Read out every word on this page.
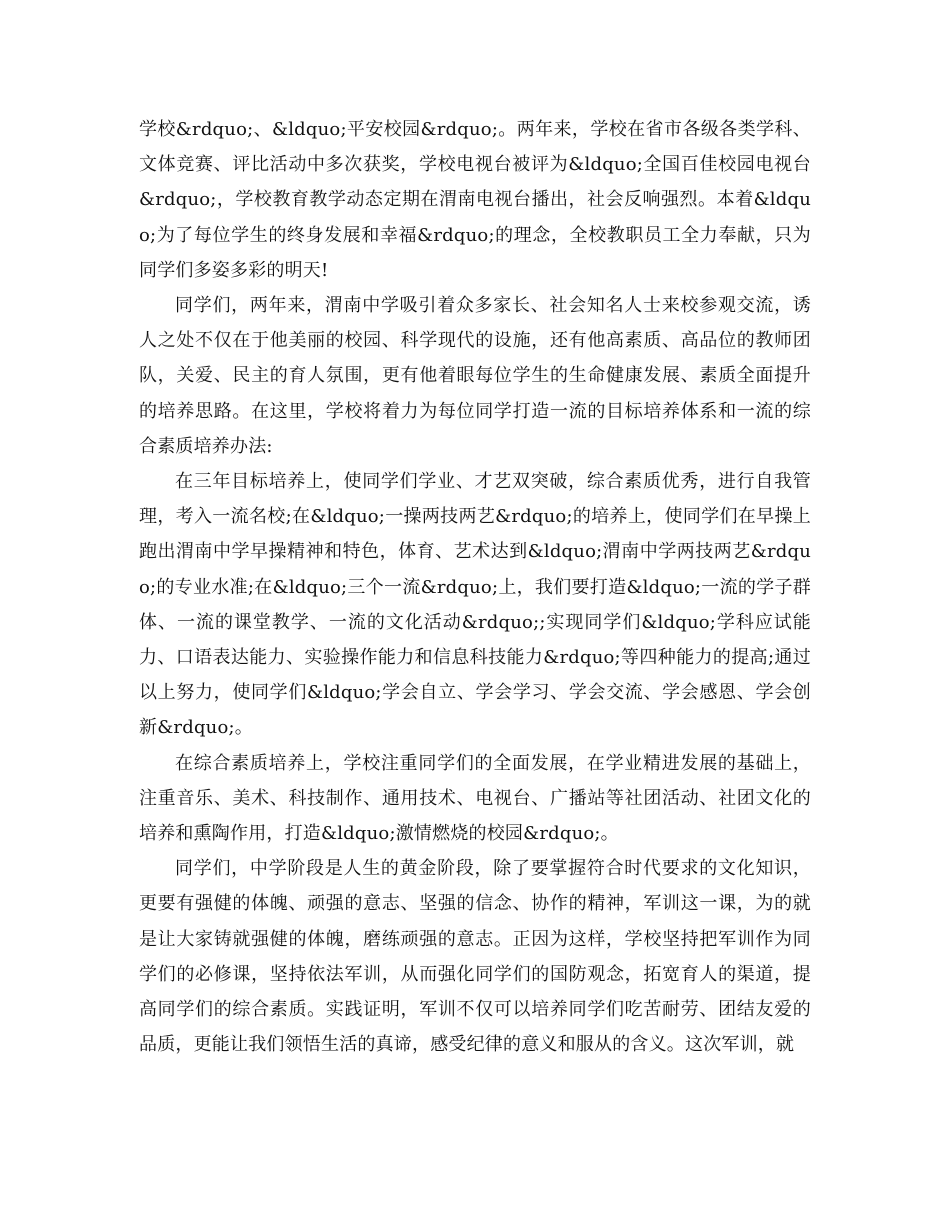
学校&rdquo;、&ldquo;平安校园&rdquo;。两年来，学校在省市各级各类学科、文体竞赛、评比活动中多次获奖，学校电视台被评为&ldquo;全国百佳校园电视台&rdquo;，学校教育教学动态定期在渭南电视台播出，社会反响强烈。本着&ldquo;为了每位学生的终身发展和幸福&rdquo;的理念，全校教职员工全力奉献，只为同学们多姿多彩的明天!

同学们，两年来，渭南中学吸引着众多家长、社会知名人士来校参观交流，诱人之处不仅在于他美丽的校园、科学现代的设施，还有他高素质、高品位的教师团队，关爱、民主的育人氛围，更有他着眼每位学生的生命健康发展、素质全面提升的培养思路。在这里，学校将着力为每位同学打造一流的目标培养体系和一流的综合素质培养办法:

在三年目标培养上，使同学们学业、才艺双突破，综合素质优秀，进行自我管理，考入一流名校;在&ldquo;一操两技两艺&rdquo;的培养上，使同学们在早操上跑出渭南中学早操精神和特色，体育、艺术达到&ldquo;渭南中学两技两艺&rdquo;的专业水准;在&ldquo;三个一流&rdquo;上，我们要打造&ldquo;一流的学子群体、一流的课堂教学、一流的文化活动&rdquo;;实现同学们&ldquo;学科应试能力、口语表达能力、实验操作能力和信息科技能力&rdquo;等四种能力的提高;通过以上努力，使同学们&ldquo;学会自立、学会学习、学会交流、学会感恩、学会创新&rdquo;。

在综合素质培养上，学校注重同学们的全面发展，在学业精进发展的基础上，注重音乐、美术、科技制作、通用技术、电视台、广播站等社团活动、社团文化的培养和熏陶作用，打造&ldquo;激情燃烧的校园&rdquo;。

同学们，中学阶段是人生的黄金阶段，除了要掌握符合时代要求的文化知识，更要有强健的体魄、顽强的意志、坚强的信念、协作的精神，军训这一课，为的就是让大家铸就强健的体魄，磨练顽强的意志。正因为这样，学校坚持把军训作为同学们的必修课，坚持依法军训，从而强化同学们的国防观念，拓宽育人的渠道，提高同学们的综合素质。实践证明，军训不仅可以培养同学们吃苦耐劳、团结友爱的品质，更能让我们领悟生活的真谛，感受纪律的意义和服从的含义。这次军训，就
